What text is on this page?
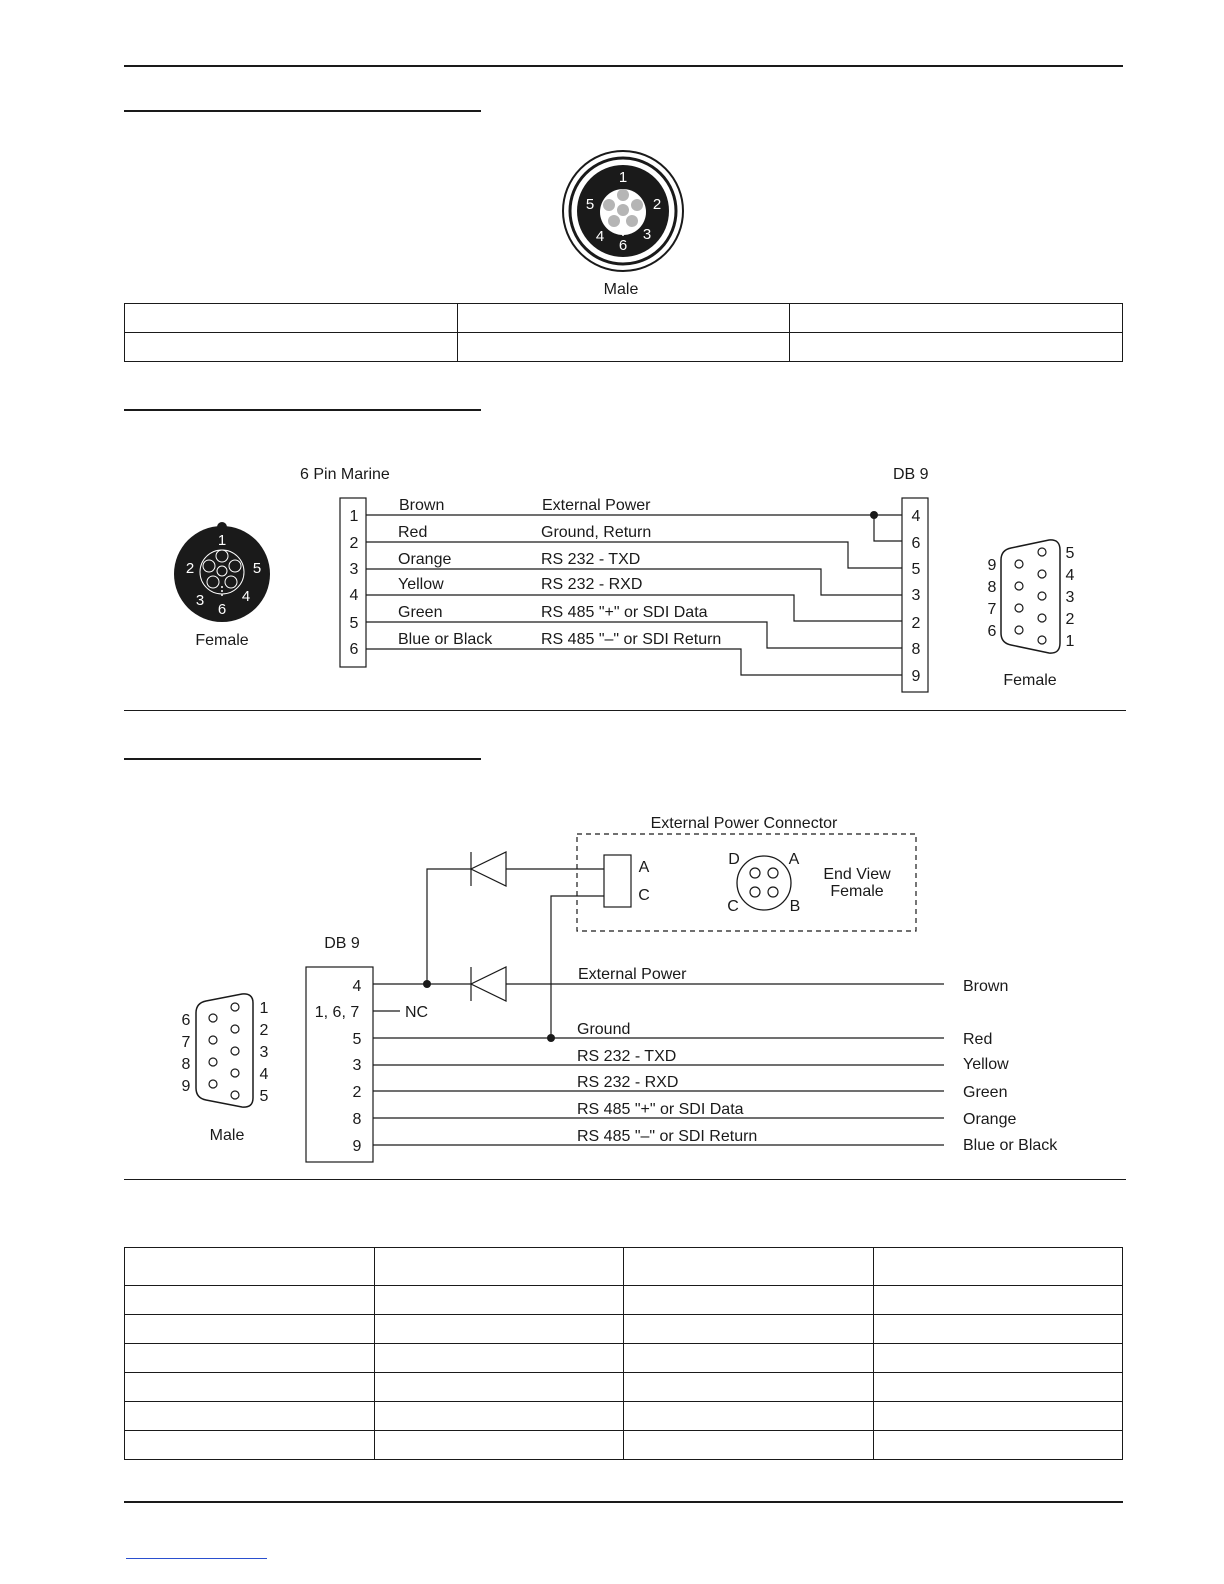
1
2
3
4
5
6
Male
1
2
3	4
5
6
Female
6 Pin Marine	DB 9
1
2
3
4
5
6
4
6
5
3
2
8
9
Brown
Red
Orange
Yellow
Green
Blue or Black
External Power
Ground, Return
RS 232 - TXD
RS 232 - RXD
RS 485 "+" or SDI Data
RS 485 "–" or SDI Return
9
8
7
6
5
4
3
2
1
Female
External Power Connector
A
C
D	A
C	B
End View
Female
DB 9
4
1, 6, 7
5
3
2
8
9
NC
External Power
Ground
RS 232 - TXD
RS 232 - RXD
RS 485 "+" or SDI Data
RS 485 "–" or SDI Return
Brown
Red
Yellow
Green
Orange
Blue or Black
6
7
8
9
1
2
3
4
5
Male
